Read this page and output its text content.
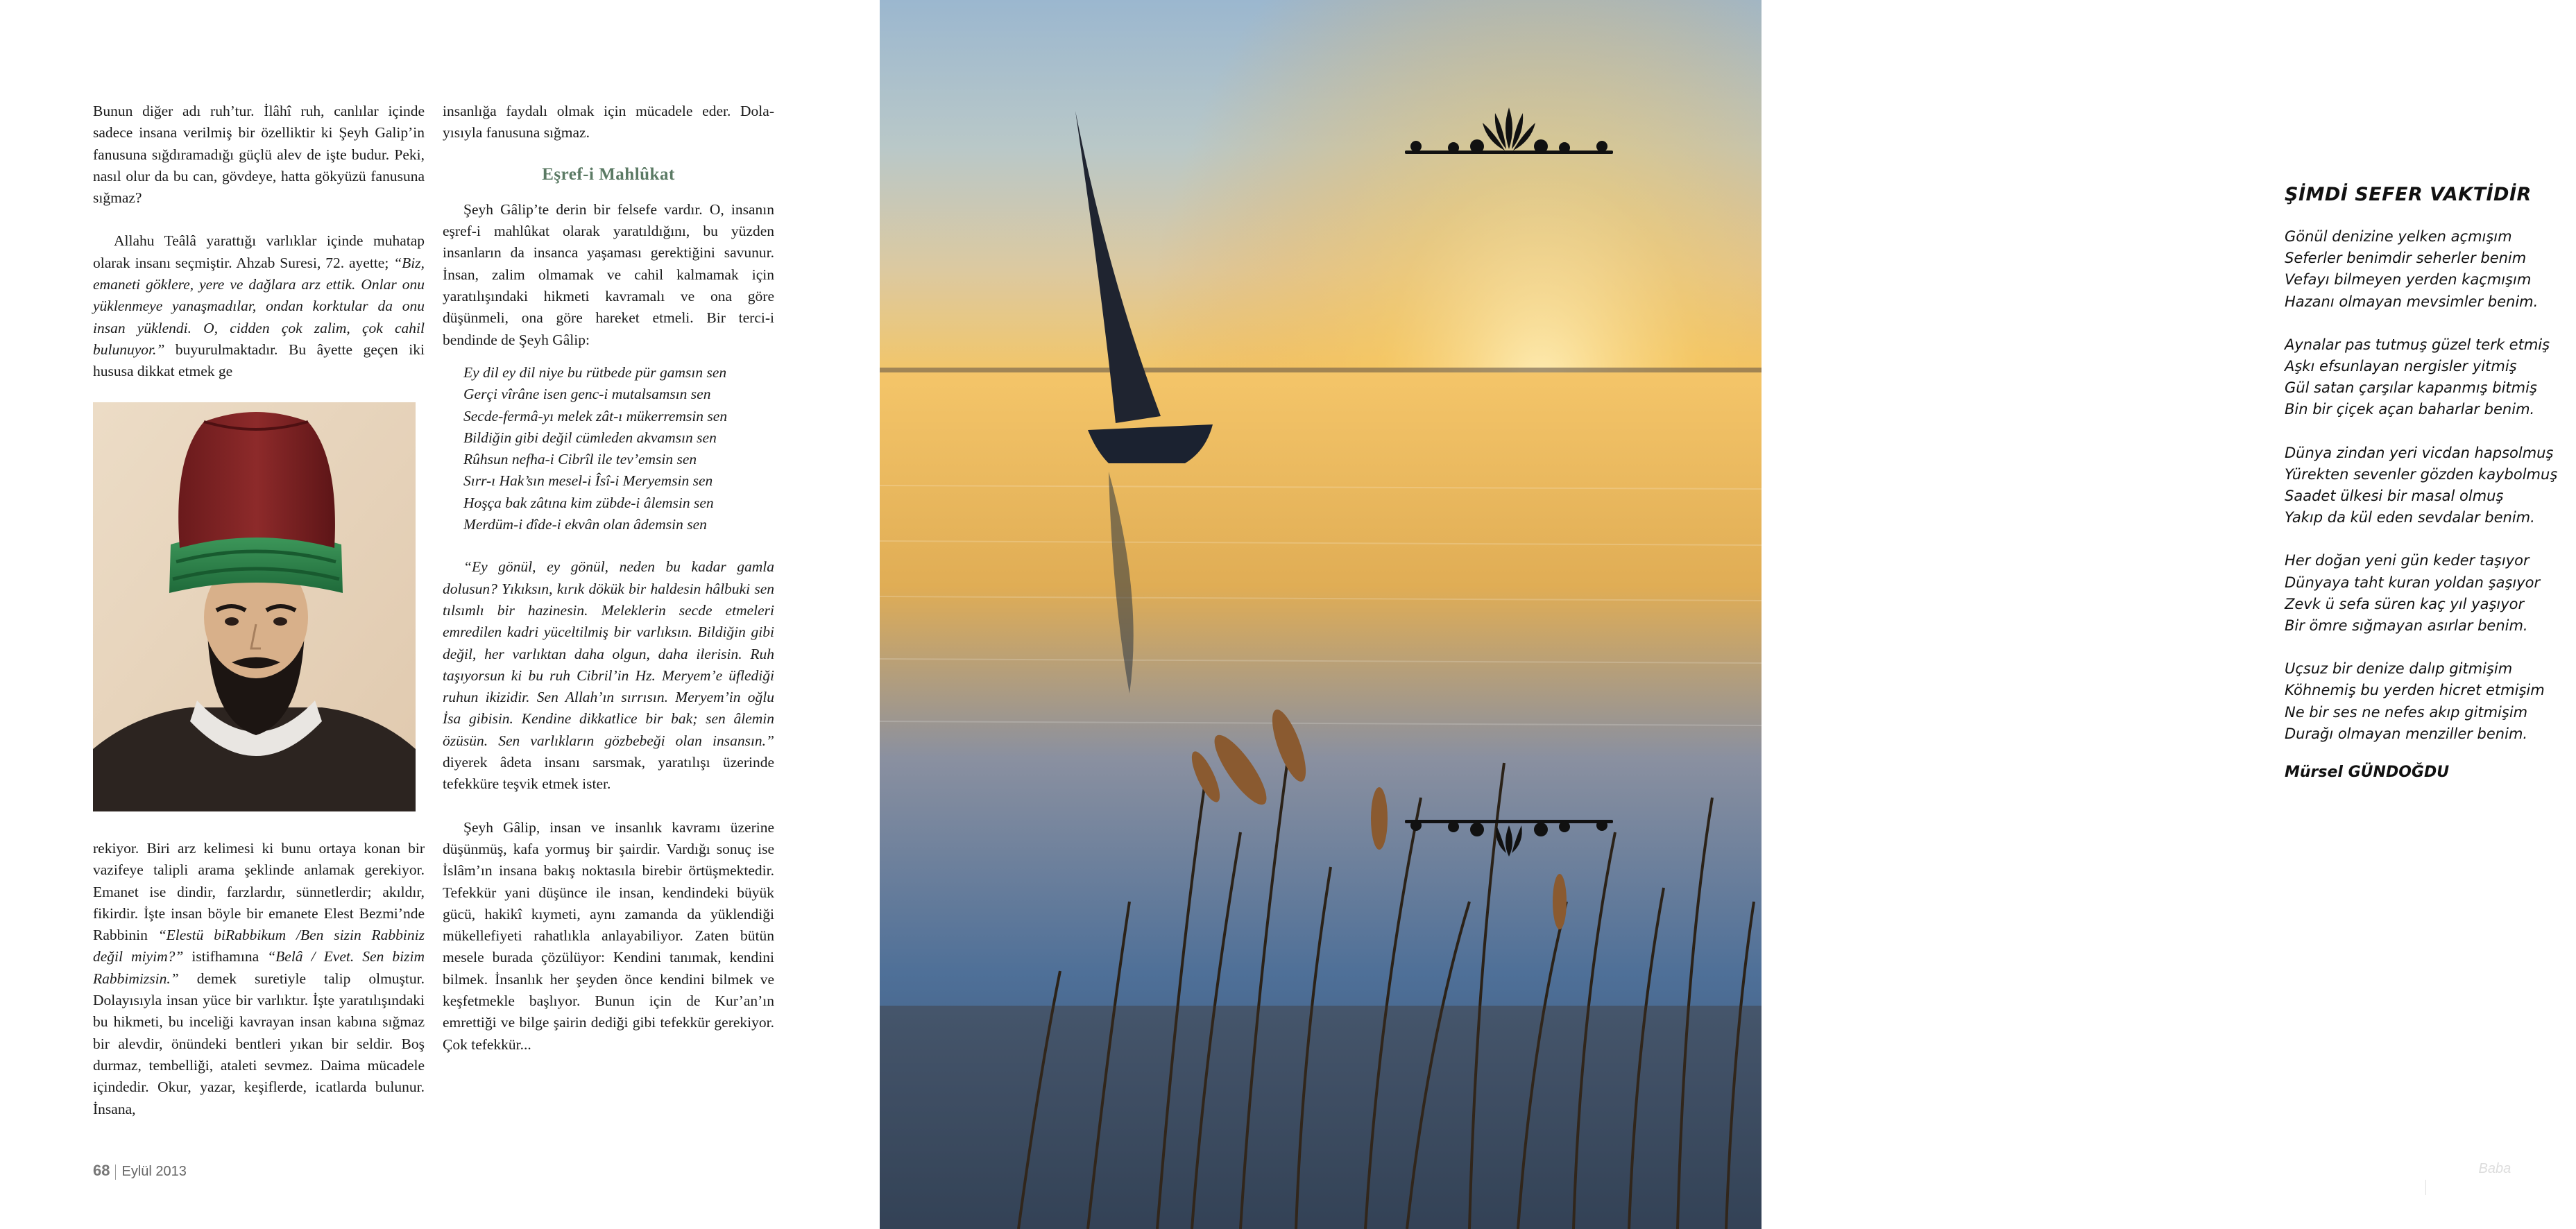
Bunun diğer adı ruh’tur. İlâhî ruh, canlılar içinde sadece insana verilmiş bir özelliktir ki Şeyh Galip’in fanusuna sığdıramadığı güçlü alev de işte budur. Peki, nasıl olur da bu can, gövdeye, hatta gökyüzü fanusuna sığmaz?

Allahu Teâlâ yarattığı varlıklar içinde muhatap olarak insanı seçmiştir. Ahzab Suresi, 72. ayette; “Biz, emaneti göklere, yere ve dağlara arz ettik. Onlar onu yüklenmeye yanaşmadılar, ondan korktular da onu insan yüklendi. O, cidden çok zalim, çok cahil bulunuyor.” buyurulmaktadır. Bu âyette geçen iki hususa dikkat etmek ge

rekiyor. Biri arz kelimesi ki bunu ortaya konan bir vazifeye talipli arama şeklinde anlamak gerekiyor. Emanet ise dindir, farzlardır, sünnetlerdir; akıldır, fikirdir. İşte insan böyle bir emanete Elest Bezmi’nde Rabbinin “Elestü biRabbikum /Ben sizin Rabbiniz değil miyim?” istifhamına “Belâ / Evet. Sen bizim Rabbimizsin.” demek suretiyle talip olmuştur. Dolayısıyla insan yüce bir varlıktır. İşte yaratılışındaki bu hikmeti, bu inceliği kavrayan insan kabına sığmaz bir alevdir, önündeki bentleri yıkan bir seldir. Boş durmaz, tembelliği, ataleti sevmez. Daima mücadele içindedir. Okur, yazar, keşiflerde, icatlarda bulunur. İnsana,

insanlığa faydalı olmak için mücadele eder. Dolayısıyla fanusuna sığmaz.

Eşref-i Mahlûkat

Şeyh Gâlip’te derin bir felsefe vardır. O, insanın eşref-i mahlûkat olarak yaratıldığını, bu yüzden insanların da insanca yaşaması gerektiğini savunur. İnsan, zalim olmamak ve cahil kalmamak için yaratılışındaki hikmeti kavramalı ve ona göre düşünmeli, ona göre hareket etmeli. Bir terci-i bendinde de Şeyh Gâlip:

Ey dil ey dil niye bu rütbede pür gamsın sen
Gerçi vîrâne isen genc-i mutalsamsın sen
Secde-fermâ-yı melek zât-ı mükerremsin sen
Bildiğin gibi değil cümleden akvamsın sen
Rûhsun nefha-i Cibrîl ile tev’emsin sen
Sırr-ı Hak’sın mesel-i Îsî-i Meryemsin sen
Hoşça bak zâtına kim zübde-i âlemsin sen
Merdüm-i dîde-i ekvân olan âdemsin sen

“Ey gönül, ey gönül, neden bu kadar gamla dolusun? Yıkıksın, kırık dökük bir haldesin hâlbuki sen tılsımlı bir hazinesin. Meleklerin secde etmeleri emredilen kadri yüceltilmiş bir varlıksın. Bildiğin gibi değil, her varlıktan daha olgun, daha ilerisin. Ruh taşıyorsun ki bu ruh Cibril’in Hz. Meryem’e üflediği ruhun ikizidir. Sen Allah’ın sırrısın. Meryem’in oğlu İsa gibisin. Kendine dikkatlice bir bak; sen âlemin özüsün. Sen varlıkların gözbebeği olan insansın.” diyerek âdeta insanı sarsmak, yaratılışı üzerinde tefekküre teşvik etmek ister.

Şeyh Gâlip, insan ve insanlık kavramı üzerine düşünmüş, kafa yormuş bir şairdir. Vardığı sonuç ise İslâm’ın insana bakış noktasıla birebir örtüşmektedir. Tefekkür yani düşünce ile insan, kendindeki büyük gücü, hakikî kıymeti, aynı zamanda da yüklendiği mükellefiyeti rahatlıkla anlayabiliyor. Zaten bütün mesele burada çözülüyor: Kendini tanımak, kendini bilmek. İnsanlık her şeyden önce kendini bilmek ve keşfetmekle başlıyor. Bunun için de Kur’an’ın emrettiği ve bilge şairin dediği gibi tefekkür gerekiyor. Çok tefekkür...

68 Eylül 2013
ŞİMDİ SEFER VAKTİDİR
Gönül denizine yelken açmışım
Seferler benimdir seherler benim
Vefayı bilmeyen yerden kaçmışım
Hazanı olmayan mevsimler benim.
Aynalar pas tutmuş güzel terk etmiş
Aşkı efsunlayan nergisler yitmiş
Gül satan çarşılar kapanmış bitmiş
Bin bir çiçek açan baharlar benim.
Dünya zindan yeri vicdan hapsolmuş
Yürekten sevenler gözden kaybolmuş
Saadet ülkesi bir masal olmuş
Yakıp da kül eden sevdalar benim.
Her doğan yeni gün keder taşıyor
Dünyaya taht kuran yoldan şaşıyor
Zevk ü sefa süren kaç yıl yaşıyor
Bir ömre sığmayan asırlar benim.
Uçsuz bir denize dalıp gitmişim
Köhnemiş bu yerden hicret etmişim
Ne bir ses ne nefes akıp gitmişim
Durağı olmayan menziller benim.
Mürsel GÜNDOĞDU
SomuncuBaba69
